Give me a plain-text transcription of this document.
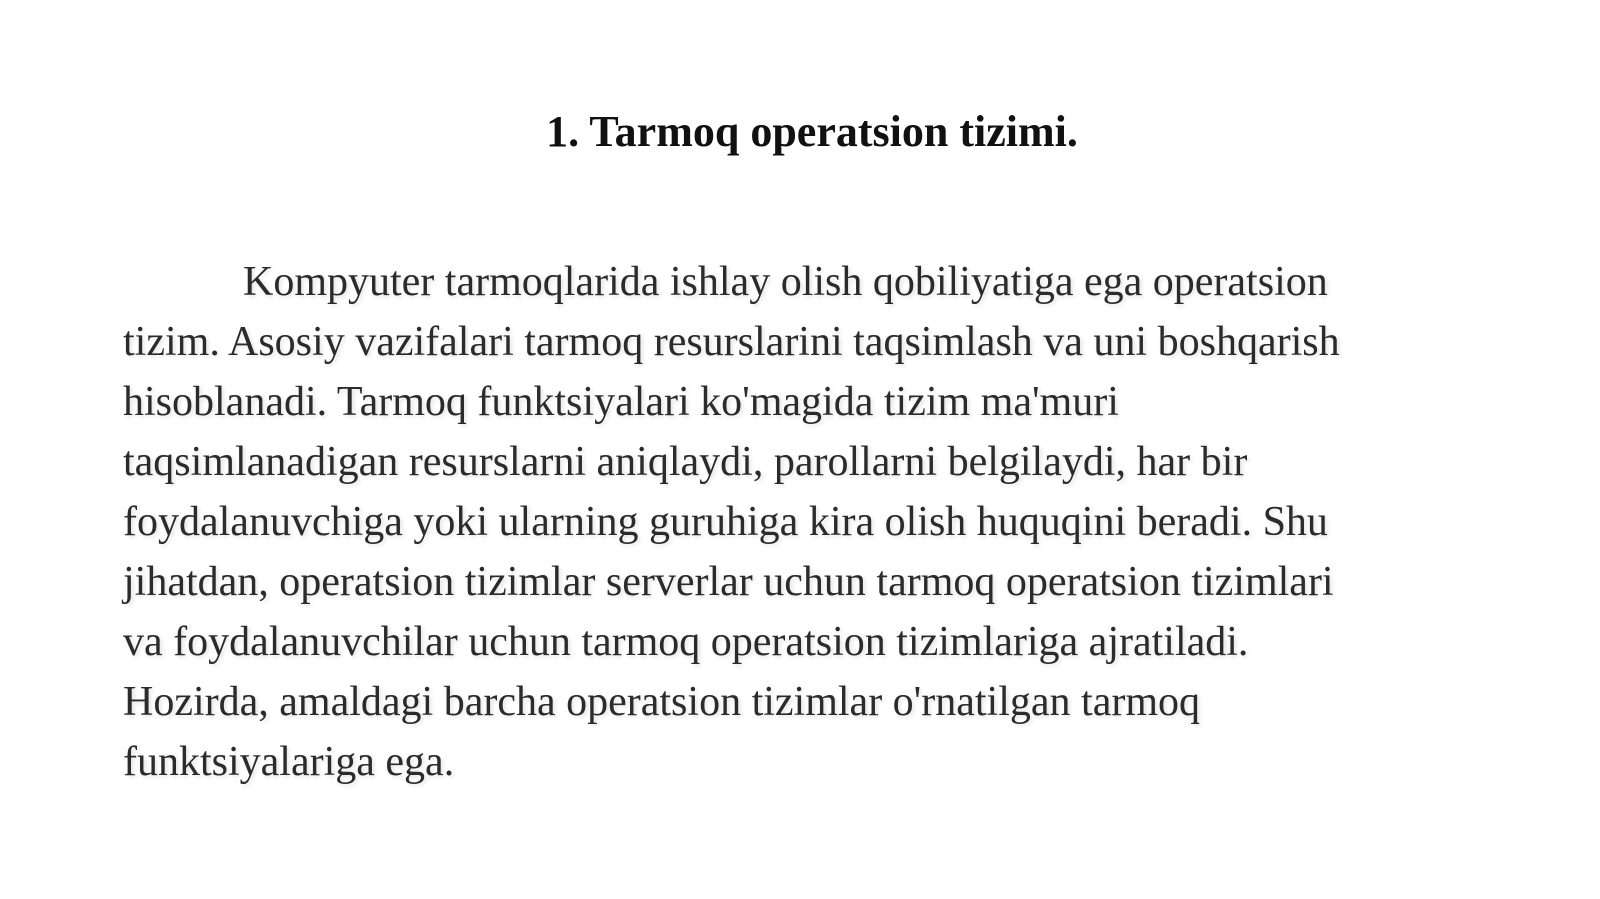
1. Tarmoq operatsion tizimi.
Kompyuter tarmoqlarida ishlay olish qobiliyatiga ega operatsion
tizim. Asosiy vazifalari tarmoq resurslarini taqsimlash va uni boshqarish
hisoblanadi. Tarmoq funktsiyalari ko'magida tizim ma'muri
taqsimlanadigan resurslarni aniqlaydi, parollarni belgilaydi, har bir
foydalanuvchiga yoki ularning guruhiga kira olish huquqini beradi. Shu
jihatdan, operatsion tizimlar serverlar uchun tarmoq operatsion tizimlari
va foydalanuvchilar uchun tarmoq operatsion tizimlariga ajratiladi.
Hozirda, amaldagi barcha operatsion tizimlar o'rnatilgan tarmoq
funktsiyalariga ega.
